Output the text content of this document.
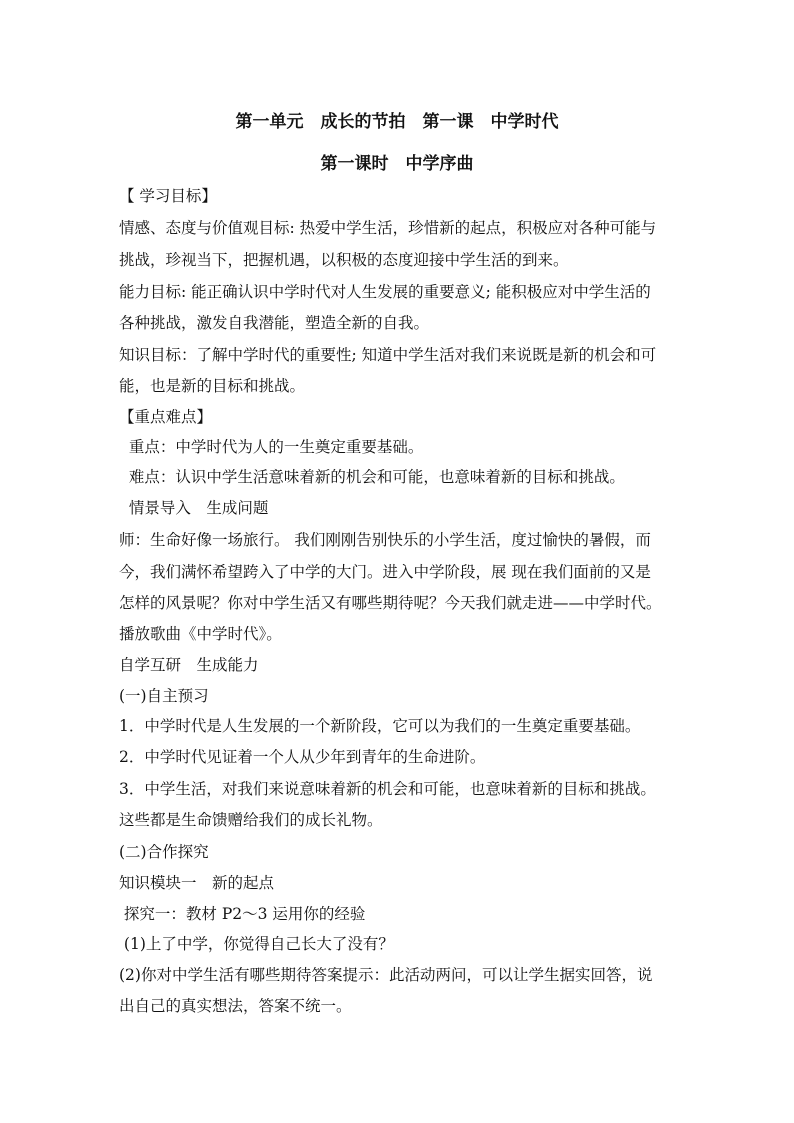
第一单元　成长的节拍　第一课　中学时代
第一课时　中学序曲
【 学习目标】
情感、态度与价值观目标: 热爱中学生活，珍惜新的起点，积极应对各种可能与
挑战，珍视当下，把握机遇，以积极的态度迎接中学生活的到来。
能力目标: 能正确认识中学时代对人生发展的重要意义; 能积极应对中学生活的
各种挑战，激发自我潜能，塑造全新的自我。
知识目标：了解中学时代的重要性; 知道中学生活对我们来说既是新的机会和可
能，也是新的目标和挑战。
【重点难点】
重点：中学时代为人的一生奠定重要基础。
难点：认识中学生活意味着新的机会和可能，也意味着新的目标和挑战。
情景导入　生成问题
师：生命好像一场旅行。 我们刚刚告别快乐的小学生活，度过愉快的暑假，而
今，我们满怀希望跨入了中学的大门。进入中学阶段，展 现在我们面前的又是
怎样的风景呢？你对中学生活又有哪些期待呢？今天我们就走进——中学时代。
播放歌曲《中学时代》。
自学互研　生成能力
(一)自主预习
1．中学时代是人生发展的一个新阶段，它可以为我们的一生奠定重要基础。
2．中学时代见证着一个人从少年到青年的生命进阶。
3．中学生活，对我们来说意味着新的机会和可能，也意味着新的目标和挑战。
这些都是生命馈赠给我们的成长礼物。
(二)合作探究
知识模块一　新的起点
探究一：教材 P2～3 运用你的经验
(1)上了中学，你觉得自己长大了没有？
(2)你对中学生活有哪些期待答案提示：此活动两问，可以让学生据实回答，说
出自己的真实想法，答案不统一。
